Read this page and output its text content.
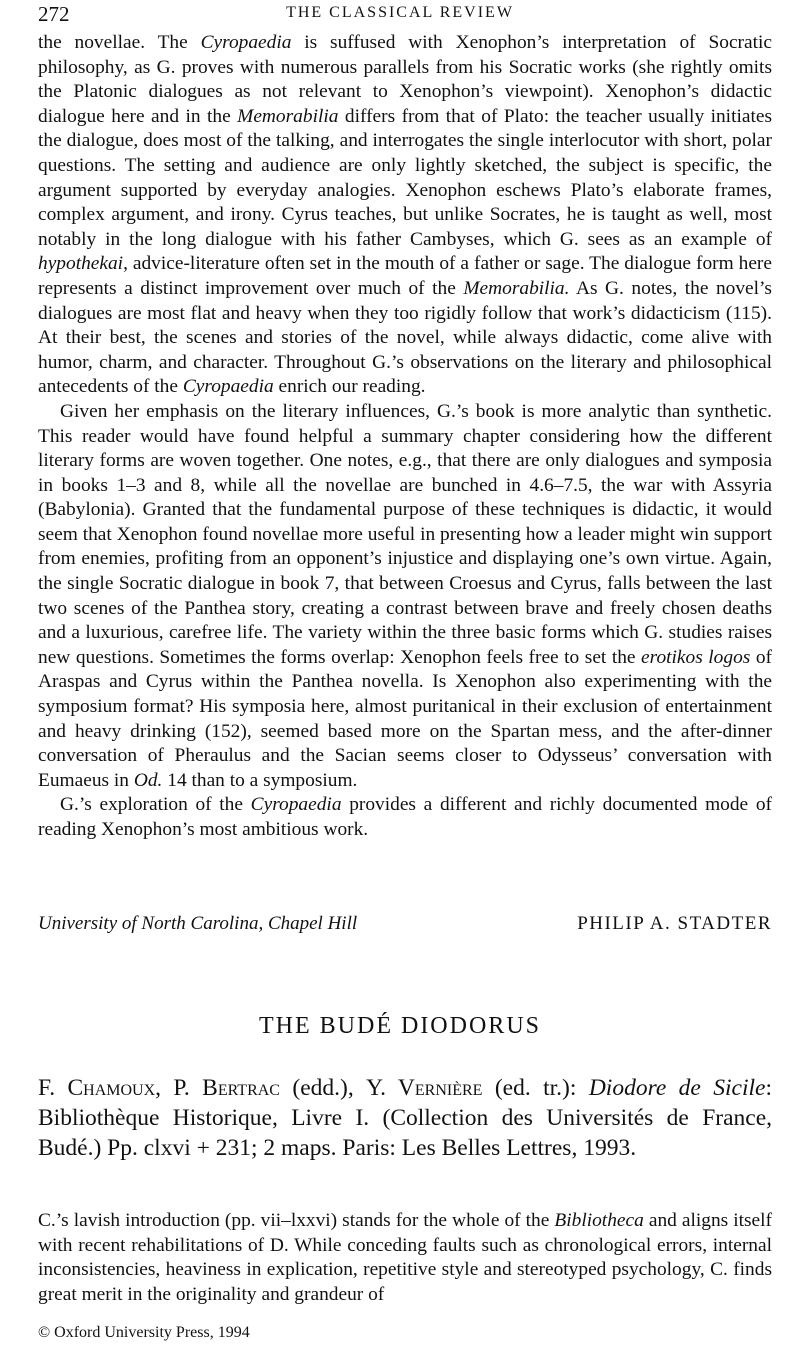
272	THE CLASSICAL REVIEW

the novellae. The Cyropaedia is suffused with Xenophon’s interpretation of Socratic philosophy, as G. proves with numerous parallels from his Socratic works (she rightly omits the Platonic dialogues as not relevant to Xenophon’s viewpoint). Xenophon’s didactic dialogue here and in the Memorabilia differs from that of Plato: the teacher usually initiates the dialogue, does most of the talking, and interrogates the single interlocutor with short, polar questions. The setting and audience are only lightly sketched, the subject is specific, the argument supported by everyday analogies. Xenophon eschews Plato’s elaborate frames, complex argument, and irony. Cyrus teaches, but unlike Socrates, he is taught as well, most notably in the long dialogue with his father Cambyses, which G. sees as an example of hypothekai, advice-literature often set in the mouth of a father or sage. The dialogue form here represents a distinct improvement over much of the Memorabilia. As G. notes, the novel’s dialogues are most flat and heavy when they too rigidly follow that work’s didacticism (115). At their best, the scenes and stories of the novel, while always didactic, come alive with humor, charm, and character. Throughout G.’s observations on the literary and philosophical antecedents of the Cyropaedia enrich our reading.

Given her emphasis on the literary influences, G.’s book is more analytic than synthetic. This reader would have found helpful a summary chapter considering how the different literary forms are woven together. One notes, e.g., that there are only dialogues and symposia in books 1–3 and 8, while all the novellae are bunched in 4.6–7.5, the war with Assyria (Babylonia). Granted that the fundamental purpose of these techniques is didactic, it would seem that Xenophon found novellae more useful in presenting how a leader might win support from enemies, profiting from an opponent’s injustice and displaying one’s own virtue. Again, the single Socratic dialogue in book 7, that between Croesus and Cyrus, falls between the last two scenes of the Panthea story, creating a contrast between brave and freely chosen deaths and a luxurious, carefree life. The variety within the three basic forms which G. studies raises new questions. Sometimes the forms overlap: Xenophon feels free to set the erotikos logos of Araspas and Cyrus within the Panthea novella. Is Xenophon also experimenting with the symposium format? His symposia here, almost puritanical in their exclusion of entertainment and heavy drinking (152), seemed based more on the Spartan mess, and the after-dinner conversation of Pheraulus and the Sacian seems closer to Odysseus’ conversation with Eumaeus in Od. 14 than to a symposium.

G.’s exploration of the Cyropaedia provides a different and richly documented mode of reading Xenophon’s most ambitious work.

University of North Carolina, Chapel Hill	PHILIP A. STADTER
THE BUDÉ DIODORUS
F. Chamoux, P. Bertrac (edd.), Y. Vernière (ed. tr.): Diodore de Sicile: Bibliothèque Historique, Livre I. (Collection des Universités de France, Budé.) Pp. clxvi + 231; 2 maps. Paris: Les Belles Lettres, 1993.
C.’s lavish introduction (pp. vii–lxxvi) stands for the whole of the Bibliotheca and aligns itself with recent rehabilitations of D. While conceding faults such as chronological errors, internal inconsistencies, heaviness in explication, repetitive style and stereotyped psychology, C. finds great merit in the originality and grandeur of
© Oxford University Press, 1994
